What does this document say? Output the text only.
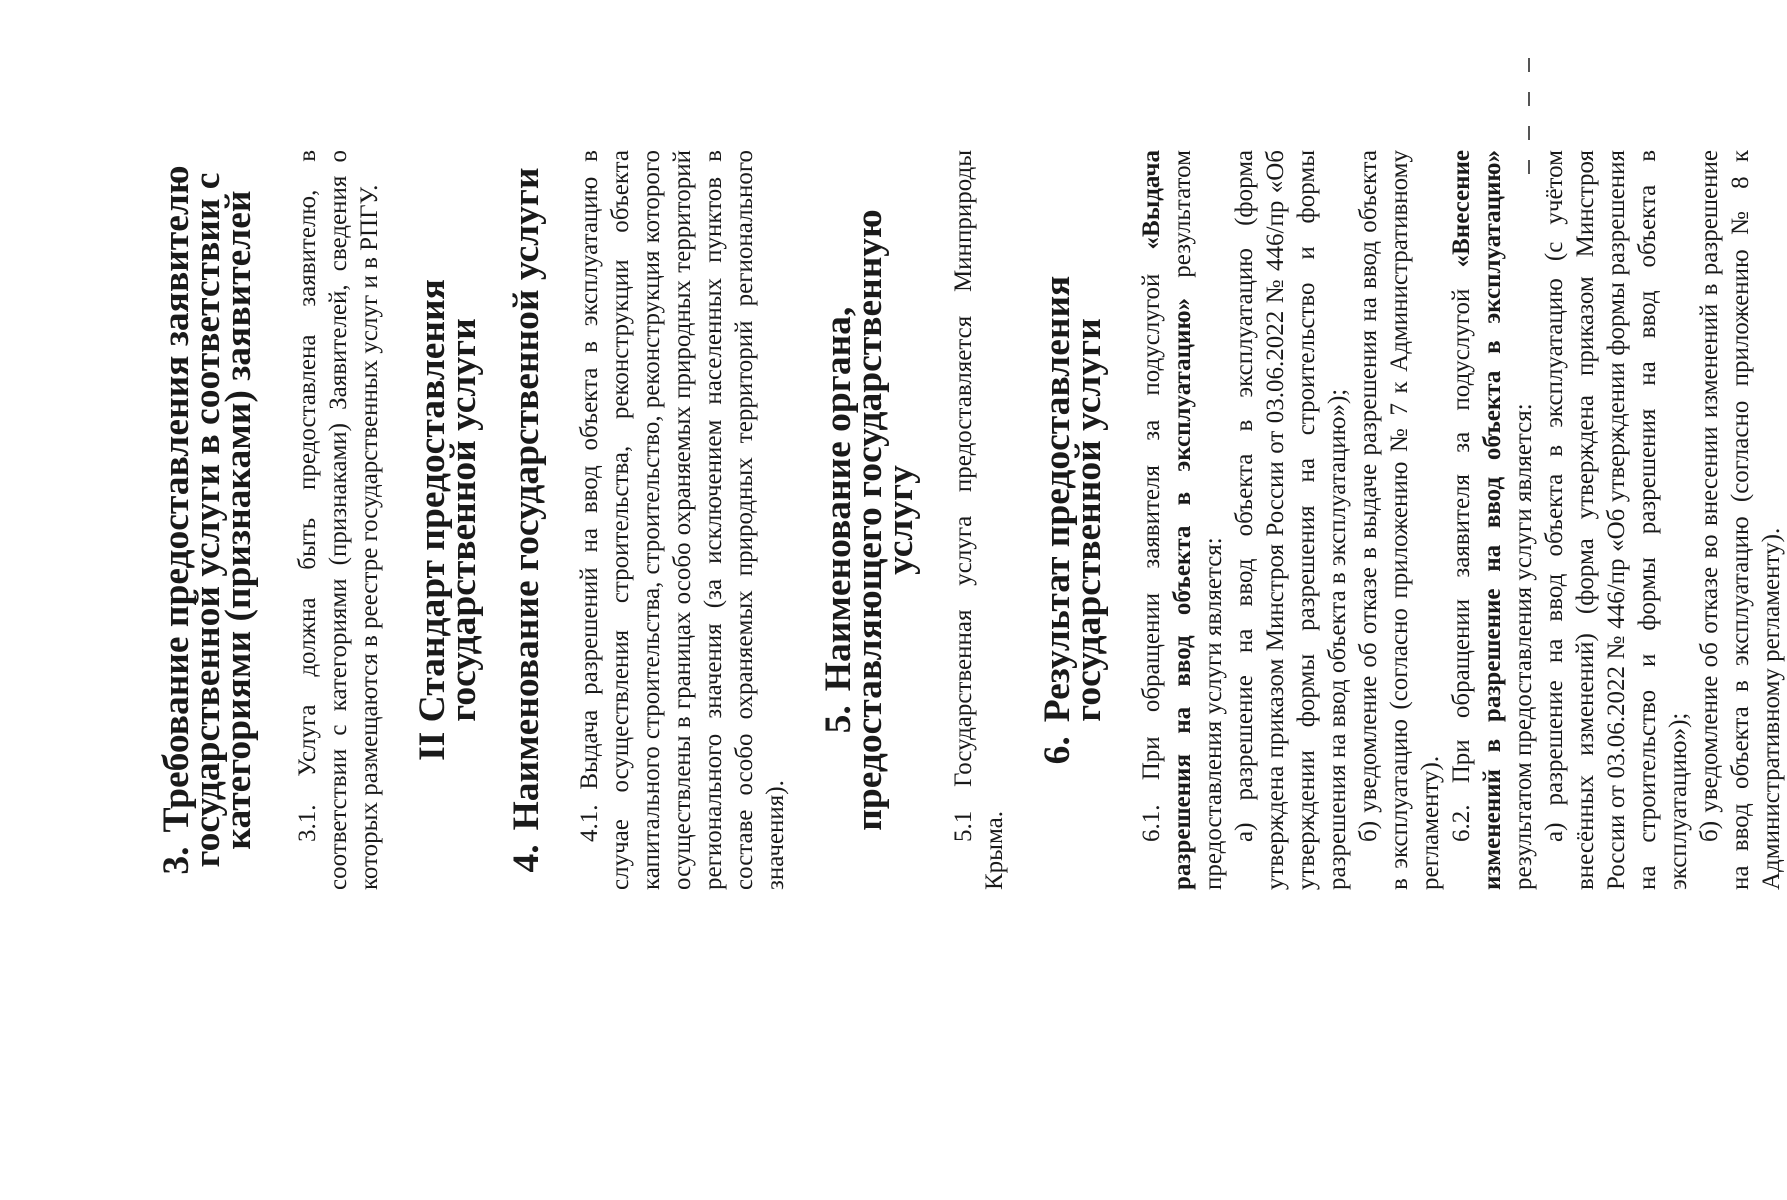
3.Требование предоставления заявителю государственной услуги в соответствии с категориями (признаками) заявителей 3.1. Услуга должна быть предоставлена заявителю, в соответствии с категориями (признаками) Заявителей, сведения о которых размещаются в реестре государственных услуг и в РПГУ. II Стандарт предоставления государственной услуги
4.Наименование государственной услуги 4.1. Выдача разрешений на ввод объекта в эксплуатацию в случае осуществления строительства, реконструкции объекта капитального строительства, строительство, реконструкция которого осуществлены в границах особо охраняемых природных территорий регионального значения (за исключением населенных пунктов в составе особо охраняемых природных территорий регионального значения).

5.Наименование органа, предоставляющего государственную услугу 5.1 Государственная услуга предоставляется Минприроды Крыма.

6.Результат предоставления государственной услуги 6.1. При обращении заявителя за подуслугой «Выдача разрешения на ввод объекта в эксплуатацию» результатом предоставления услуги является: а) разрешение на ввод объекта в эксплуатацию (форма утверждена приказом Минстроя России от 03.06.2022 № 446/пр «Об утверждении формы разрешения на строительство и формы разрешения на ввод объекта в эксплуатацию»); б) уведомление об отказе в выдаче разрешения на ввод объекта в эксплуатацию (согласно приложению № 7 к Административному регламенту). 6.2. При обращении заявителя за подуслугой «Внесение изменений в разрешение на ввод объекта в эксплуатацию» результатом предоставления услуги является: а) разрешение на ввод объекта в эксплуатацию (с учётом внесённых изменений) (форма утверждена приказом Минстроя России от 03.06.2022 № 446/пр «Об утверждении формы разрешения на строительство и формы разрешения на ввод объекта в эксплуатацию»); б) уведомление об отказе во внесении изменений в разрешение на ввод объекта в эксплуатацию (согласно приложению № 8 к Административному регламенту).
